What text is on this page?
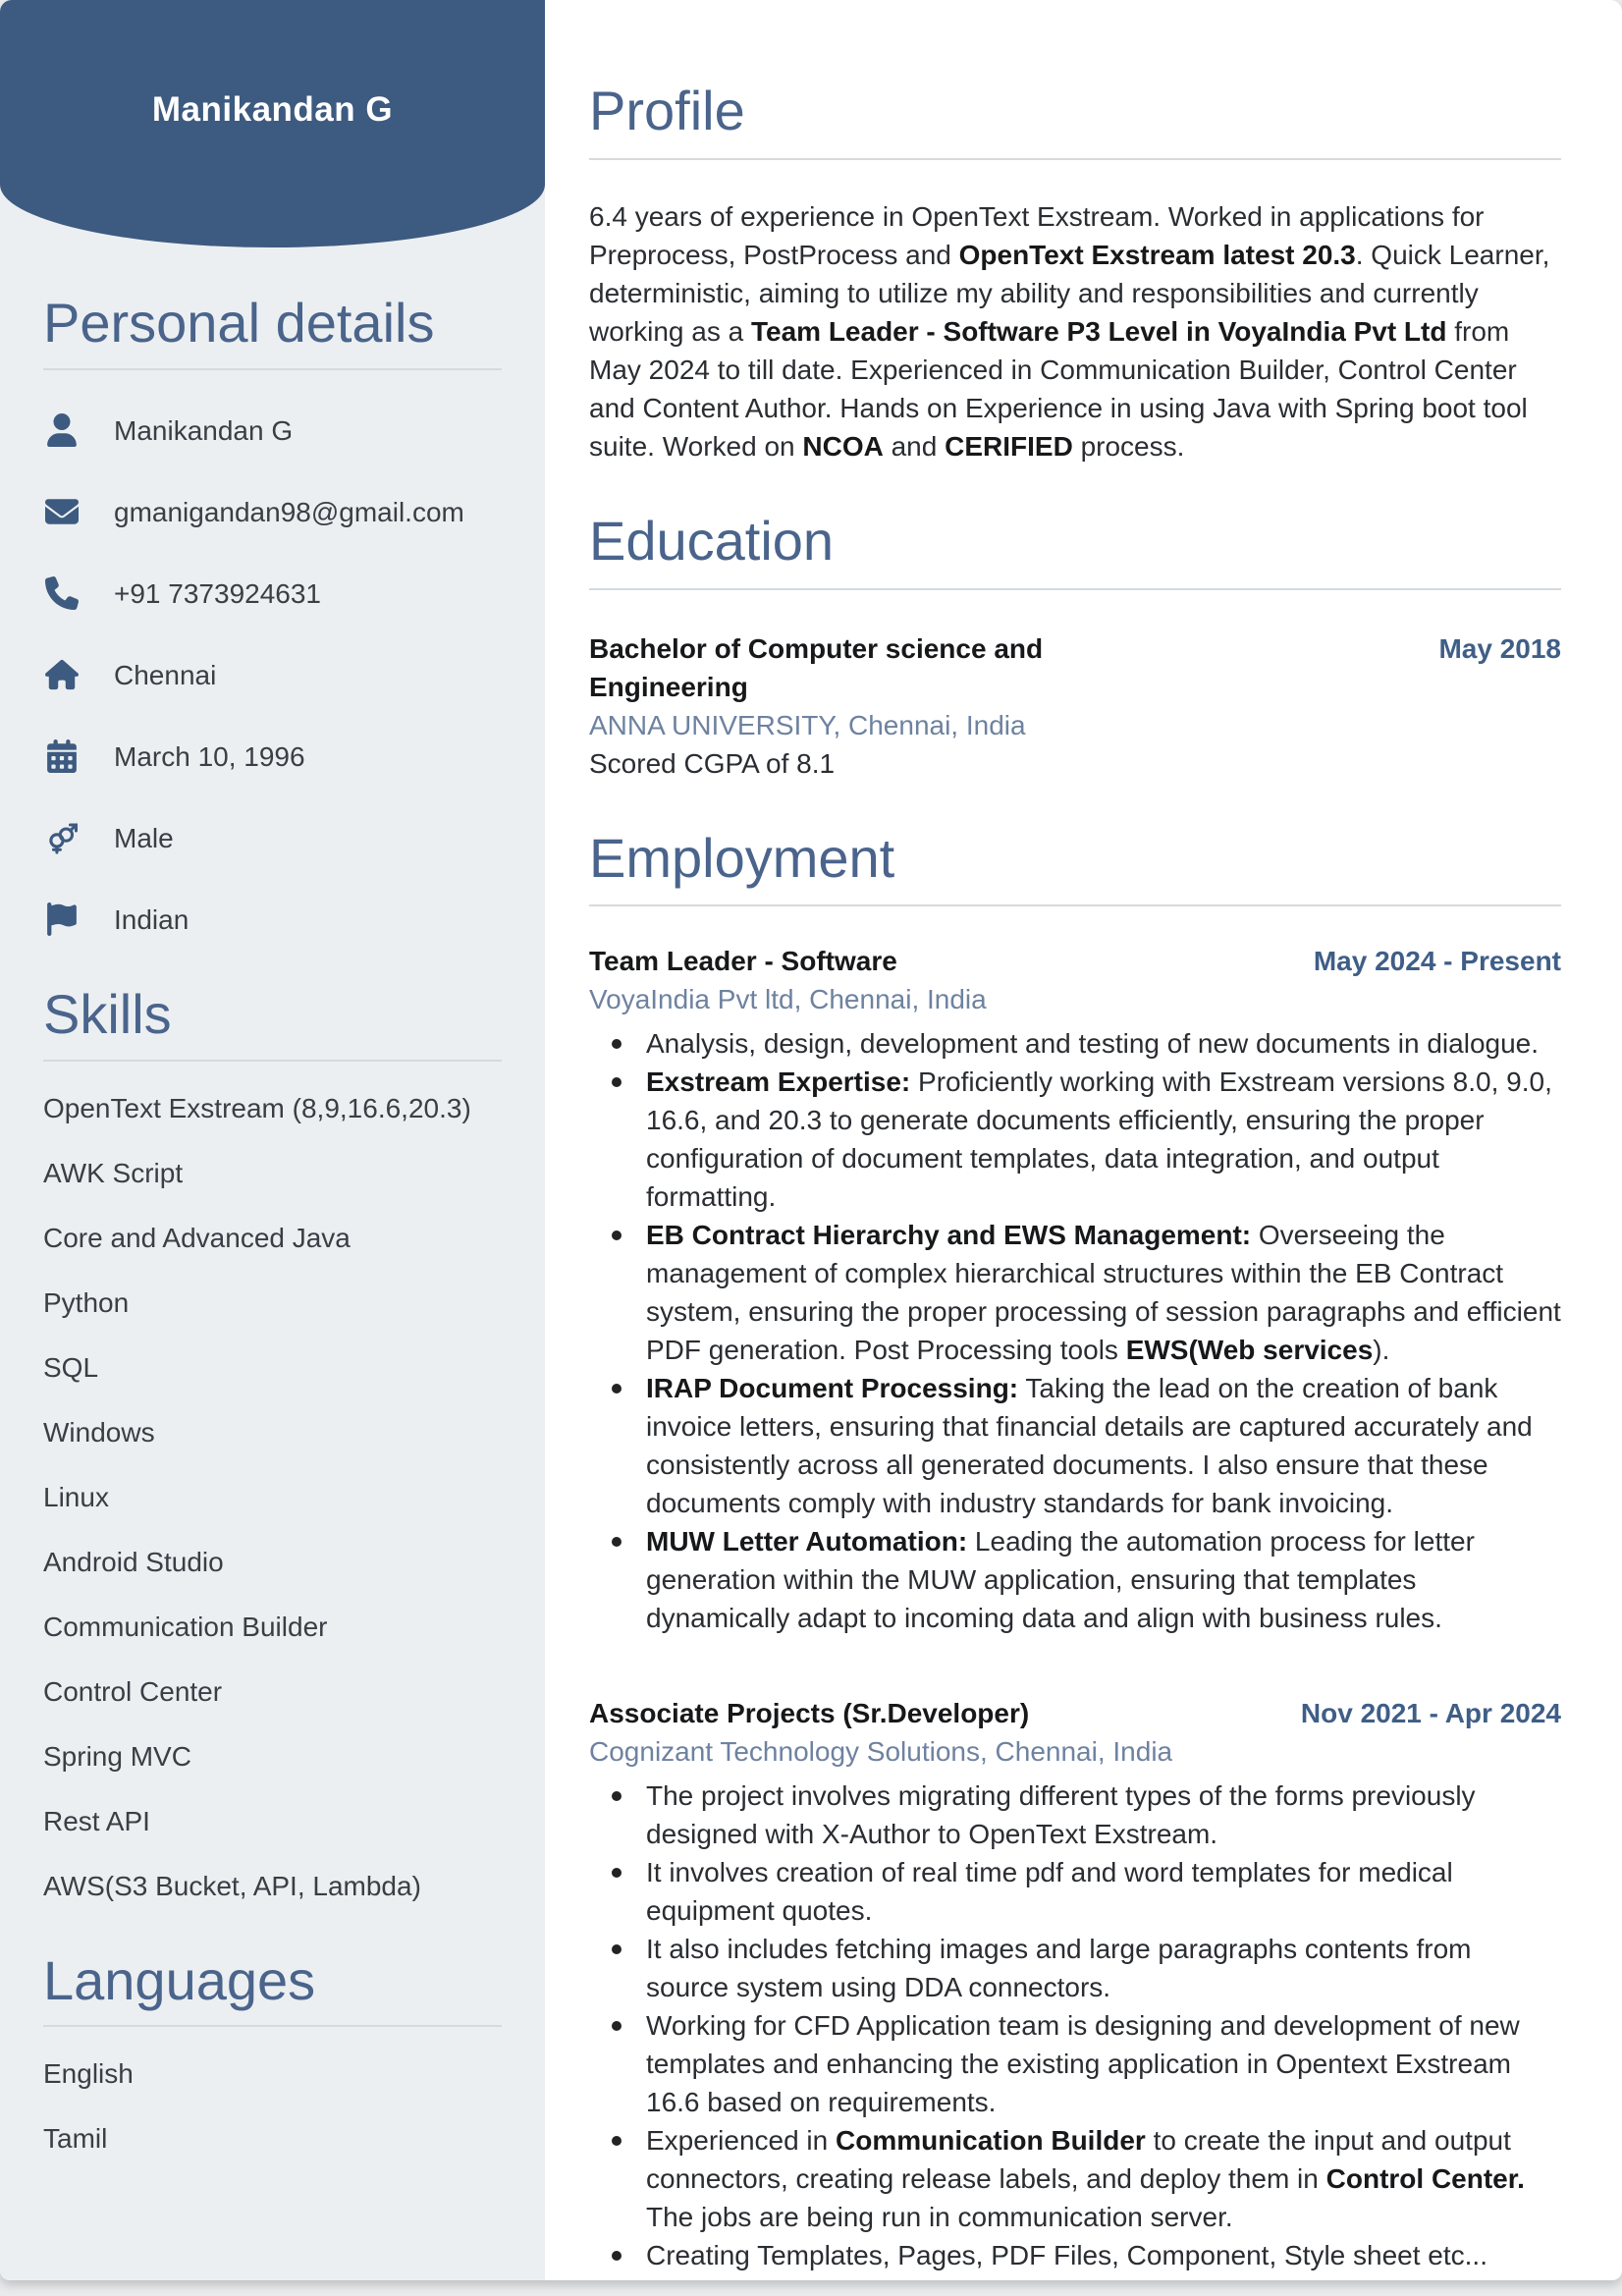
Manikandan G
Personal details
Manikandan G
gmanigandan98@gmail.com
+91 7373924631
Chennai
March 10, 1996
Male
Indian
Skills
OpenText Exstream (8,9,16.6,20.3)
AWK Script
Core and Advanced Java
Python
SQL
Windows
Linux
Android Studio
Communication Builder
Control Center
Spring MVC
Rest API
AWS(S3 Bucket, API, Lambda)
Languages
English
Tamil
Profile

6.4 years of experience in OpenText Exstream. Worked in applications for Preprocess, PostProcess and OpenText Exstream latest 20.3. Quick Learner, deterministic, aiming to utilize my ability and responsibilities and currently working as a Team Leader - Software P3 Level in VoyaIndia Pvt Ltd from May 2024 to till date. Experienced in Communication Builder, Control Center and Content Author. Hands on Experience in using Java with Spring boot tool suite. Worked on NCOA and CERIFIED process.

Education
Bachelor of Computer science and Engineering
May 2018
ANNA UNIVERSITY, Chennai, India
Scored CGPA of 8.1
Employment
Team Leader - Software	May 2024 - Present
VoyaIndia Pvt ltd, Chennai, India
Analysis, design, development and testing of new documents in dialogue.
Exstream Expertise: Proficiently working with Exstream versions 8.0, 9.0, 16.6, and 20.3 to generate documents efficiently, ensuring the proper configuration of document templates, data integration, and output formatting.
EB Contract Hierarchy and EWS Management: Overseeing the management of complex hierarchical structures within the EB Contract system, ensuring the proper processing of session paragraphs and efficient PDF generation. Post Processing tools EWS(Web services).
IRAP Document Processing: Taking the lead on the creation of bank invoice letters, ensuring that financial details are captured accurately and consistently across all generated documents. I also ensure that these documents comply with industry standards for bank invoicing.
MUW Letter Automation: Leading the automation process for letter generation within the MUW application, ensuring that templates dynamically adapt to incoming data and align with business rules.
Associate Projects (Sr.Developer)	Nov 2021 - Apr 2024
Cognizant Technology Solutions, Chennai, India
The project involves migrating different types of the forms previously designed with X-Author to OpenText Exstream.
It involves creation of real time pdf and word templates for medical equipment quotes.
It also includes fetching images and large paragraphs contents from source system using DDA connectors.
Working for CFD Application team is designing and development of new templates and enhancing the existing application in Opentext Exstream 16.6 based on requirements.
Experienced in Communication Builder to create the input and output connectors, creating release labels, and deploy them in Control Center. The jobs are being run in communication server.
Creating Templates, Pages, PDF Files, Component, Style sheet etc...
